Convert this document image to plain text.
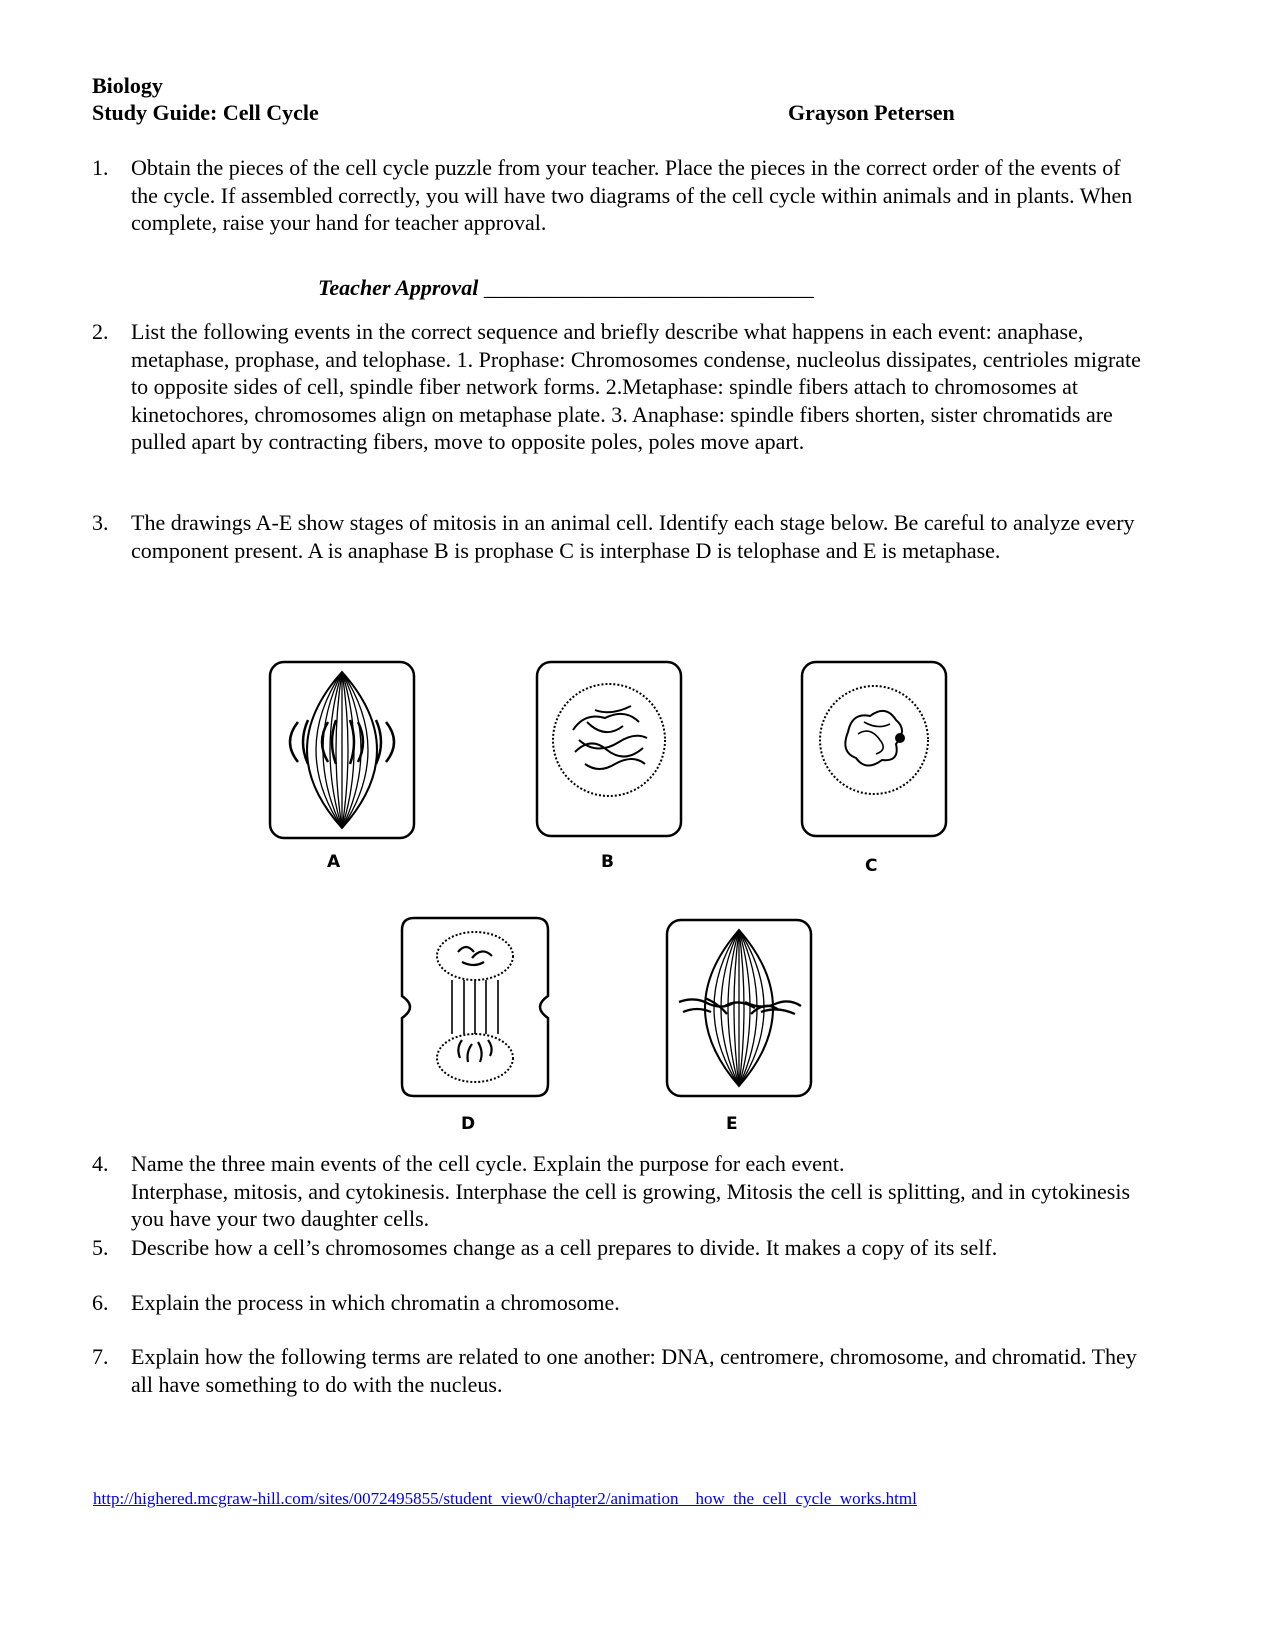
Biology
Study Guide: Cell Cycle	Grayson Petersen
1.	Obtain the pieces of the cell cycle puzzle from your teacher. Place the pieces in the correct order of the events of the cycle. If assembled correctly, you will have two diagrams of the cell cycle within animals and in plants. When complete, raise your hand for teacher approval.
Teacher Approval ______________________________
2.	List the following events in the correct sequence and briefly describe what happens in each event: anaphase, metaphase, prophase, and telophase. 1. Prophase: Chromosomes condense, nucleolus dissipates, centrioles migrate to opposite sides of cell, spindle fiber network forms. 2.Metaphase: spindle fibers attach to chromosomes at kinetochores, chromosomes align on metaphase plate. 3. Anaphase: spindle fibers shorten, sister chromatids are pulled apart by contracting fibers, move to opposite poles, poles move apart.
3.	The drawings A-E show stages of mitosis in an animal cell. Identify each stage below. Be careful to analyze every component present. A is anaphase B is prophase C is interphase D is telophase and E is metaphase.
A	B	C
D	E
4.	Name the three main events of the cell cycle. Explain the purpose for each event.
Interphase, mitosis, and cytokinesis. Interphase the cell is growing, Mitosis the cell is splitting, and in cytokinesis you have your two daughter cells.
5.	Describe how a cell’s chromosomes change as a cell prepares to divide. It makes a copy of its self.
6.	Explain the process in which chromatin a chromosome.
7.	Explain how the following terms are related to one another: DNA, centromere, chromosome, and chromatid. They all have something to do with the nucleus.
http://highered.mcgraw-hill.com/sites/0072495855/student_view0/chapter2/animation__how_the_cell_cycle_works.html
